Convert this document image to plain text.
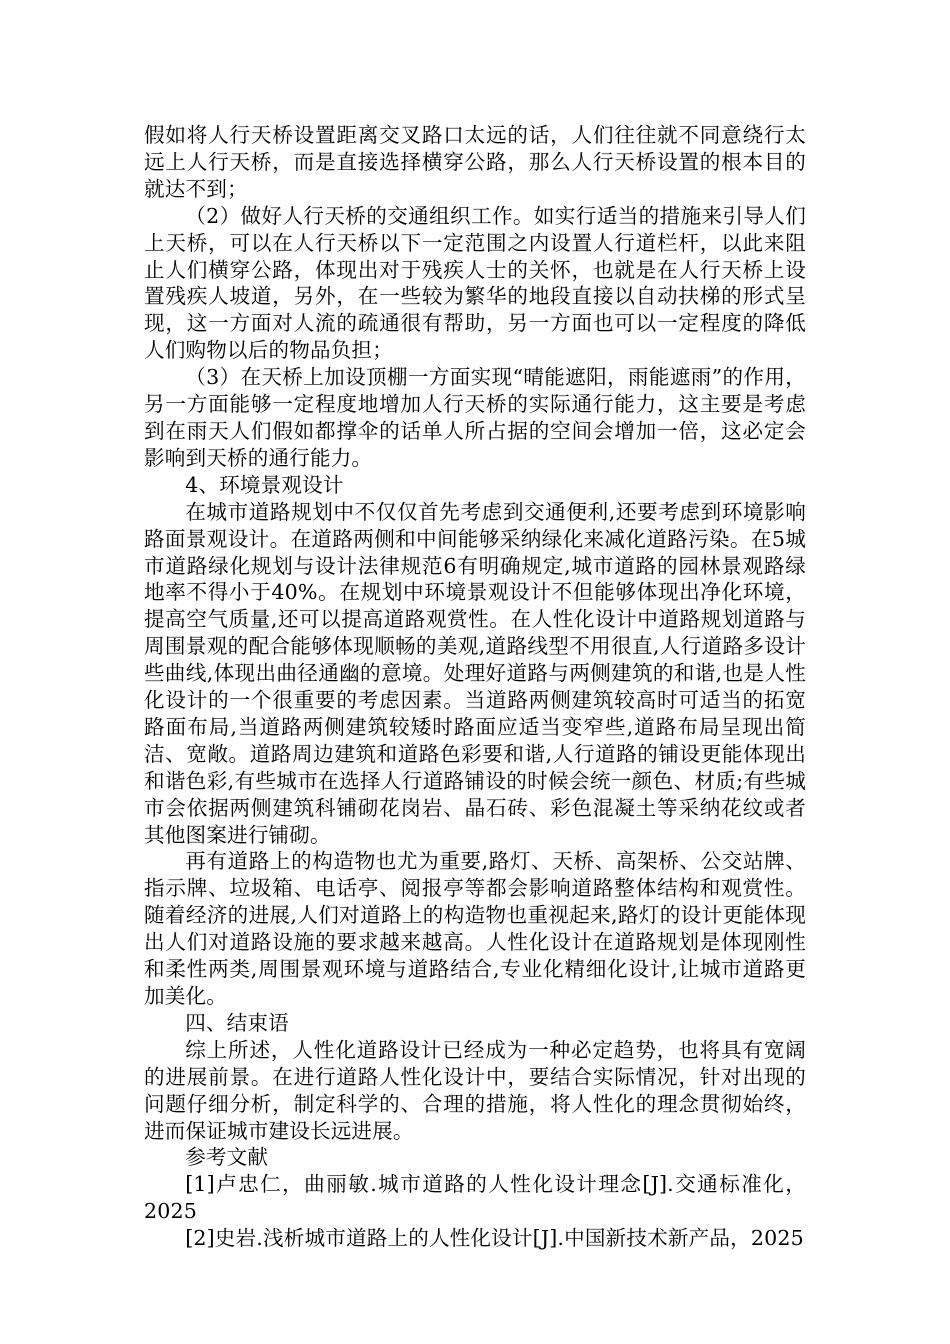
假如将人行天桥设置距离交叉路口太远的话，人们往往就不同意绕行太远上人行天桥，而是直接选择横穿公路，那么人行天桥设置的根本目的就达不到；

（2）做好人行天桥的交通组织工作。如实行适当的措施来引导人们上天桥，可以在人行天桥以下一定范围之内设置人行道栏杆，以此来阻止人们横穿公路，体现出对于残疾人士的关怀，也就是在人行天桥上设置残疾人坡道，另外，在一些较为繁华的地段直接以自动扶梯的形式呈现，这一方面对人流的疏通很有帮助，另一方面也可以一定程度的降低人们购物以后的物品负担；

（3）在天桥上加设顶棚一方面实现“晴能遮阳，雨能遮雨”的作用，另一方面能够一定程度地增加人行天桥的实际通行能力，这主要是考虑到在雨天人们假如都撑伞的话单人所占据的空间会增加一倍，这必定会影响到天桥的通行能力。

4、环境景观设计

在城市道路规划中不仅仅首先考虑到交通便利,还要考虑到环境影响路面景观设计。在道路两侧和中间能够采纳绿化来减化道路污染。在5城市道路绿化规划与设计法律规范6有明确规定,城市道路的园林景观路绿地率不得小于40%。在规划中环境景观设计不但能够体现出净化环境，提高空气质量,还可以提高道路观赏性。在人性化设计中道路规划道路与周围景观的配合能够体现顺畅的美观,道路线型不用很直,人行道路多设计些曲线,体现出曲径通幽的意境。处理好道路与两侧建筑的和谐,也是人性化设计的一个很重要的考虑因素。当道路两侧建筑较高时可适当的拓宽路面布局,当道路两侧建筑较矮时路面应适当变窄些,道路布局呈现出简洁、宽敞。道路周边建筑和道路色彩要和谐,人行道路的铺设更能体现出和谐色彩,有些城市在选择人行道路铺设的时候会统一颜色、材质;有些城市会依据两侧建筑科铺砌花岗岩、晶石砖、彩色混凝土等采纳花纹或者其他图案进行铺砌。

再有道路上的构造物也尤为重要,路灯、天桥、高架桥、公交站牌、指示牌、垃圾箱、电话亭、阅报亭等都会影响道路整体结构和观赏性。随着经济的进展,人们对道路上的构造物也重视起来,路灯的设计更能体现出人们对道路设施的要求越来越高。人性化设计在道路规划是体现刚性和柔性两类,周围景观环境与道路结合,专业化精细化设计,让城市道路更加美化。

四、结束语

综上所述，人性化道路设计已经成为一种必定趋势，也将具有宽阔的进展前景。在进行道路人性化设计中，要结合实际情况，针对出现的问题仔细分析，制定科学的、合理的措施，将人性化的理念贯彻始终，进而保证城市建设长远进展。

参考文献

[1]卢忠仁，曲丽敏.城市道路的人性化设计理念[J].交通标准化，2025

[2]史岩.浅析城市道路上的人性化设计[J].中国新技术新产品，2025
